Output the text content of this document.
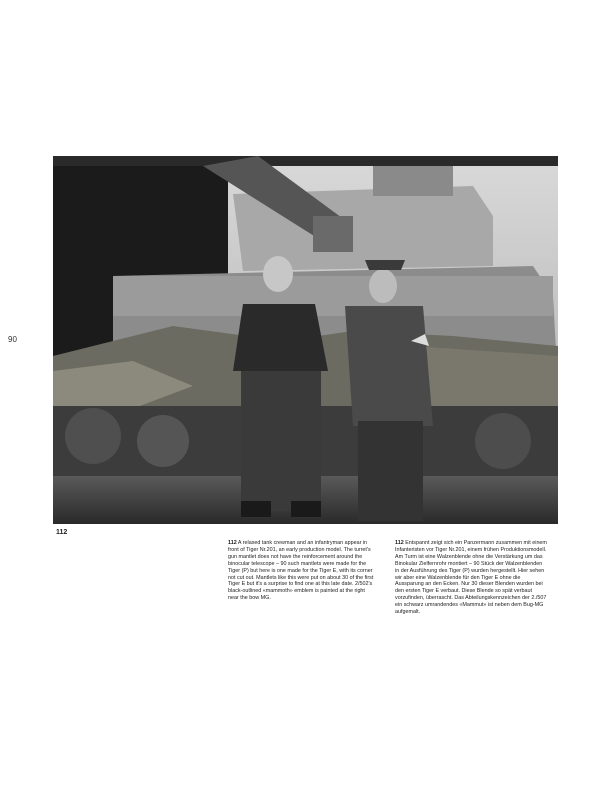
90
112
112 A relaxed tank crewman and an infantryman appear in front of Tiger Nr.201, an early production model. The turret's gun mantlet does not have the reinforcement around the binocular telescope – 90 such mantlets were made for the Tiger (P) but here is one made for the Tiger E, with its corner not cut out. Mantlets like this were put on about 30 of the first Tiger E but it's a surprise to find one at this late date. 2/502's black-outlined «mammoth» emblem is painted at the right near the bow MG.
112 Entspannt zeigt sich ein Panzermann zusammen mit einem Infanteristen vor Tiger Nr.201, einem frühen Produktionsmodell. Am Turm ist eine Walzenblende ohne die Verstärkung um das Binokular Zielfernrohr montiert – 90 Stück der Walzenblenden in der Ausführung des Tiger (P) wurden hergestellt. Hier sehen wir aber eine Walzenblende für den Tiger E ohne die Aussparung an den Ecken. Nur 30 dieser Blenden wurden bei den ersten Tiger E verbaut. Diese Blende so spät verbaut vorzufinden, überrascht. Das Abteilungskennzeichen der 2./507 ein schwarz umrandendes «Mammut» ist neben dem Bug-MG aufgemalt.
